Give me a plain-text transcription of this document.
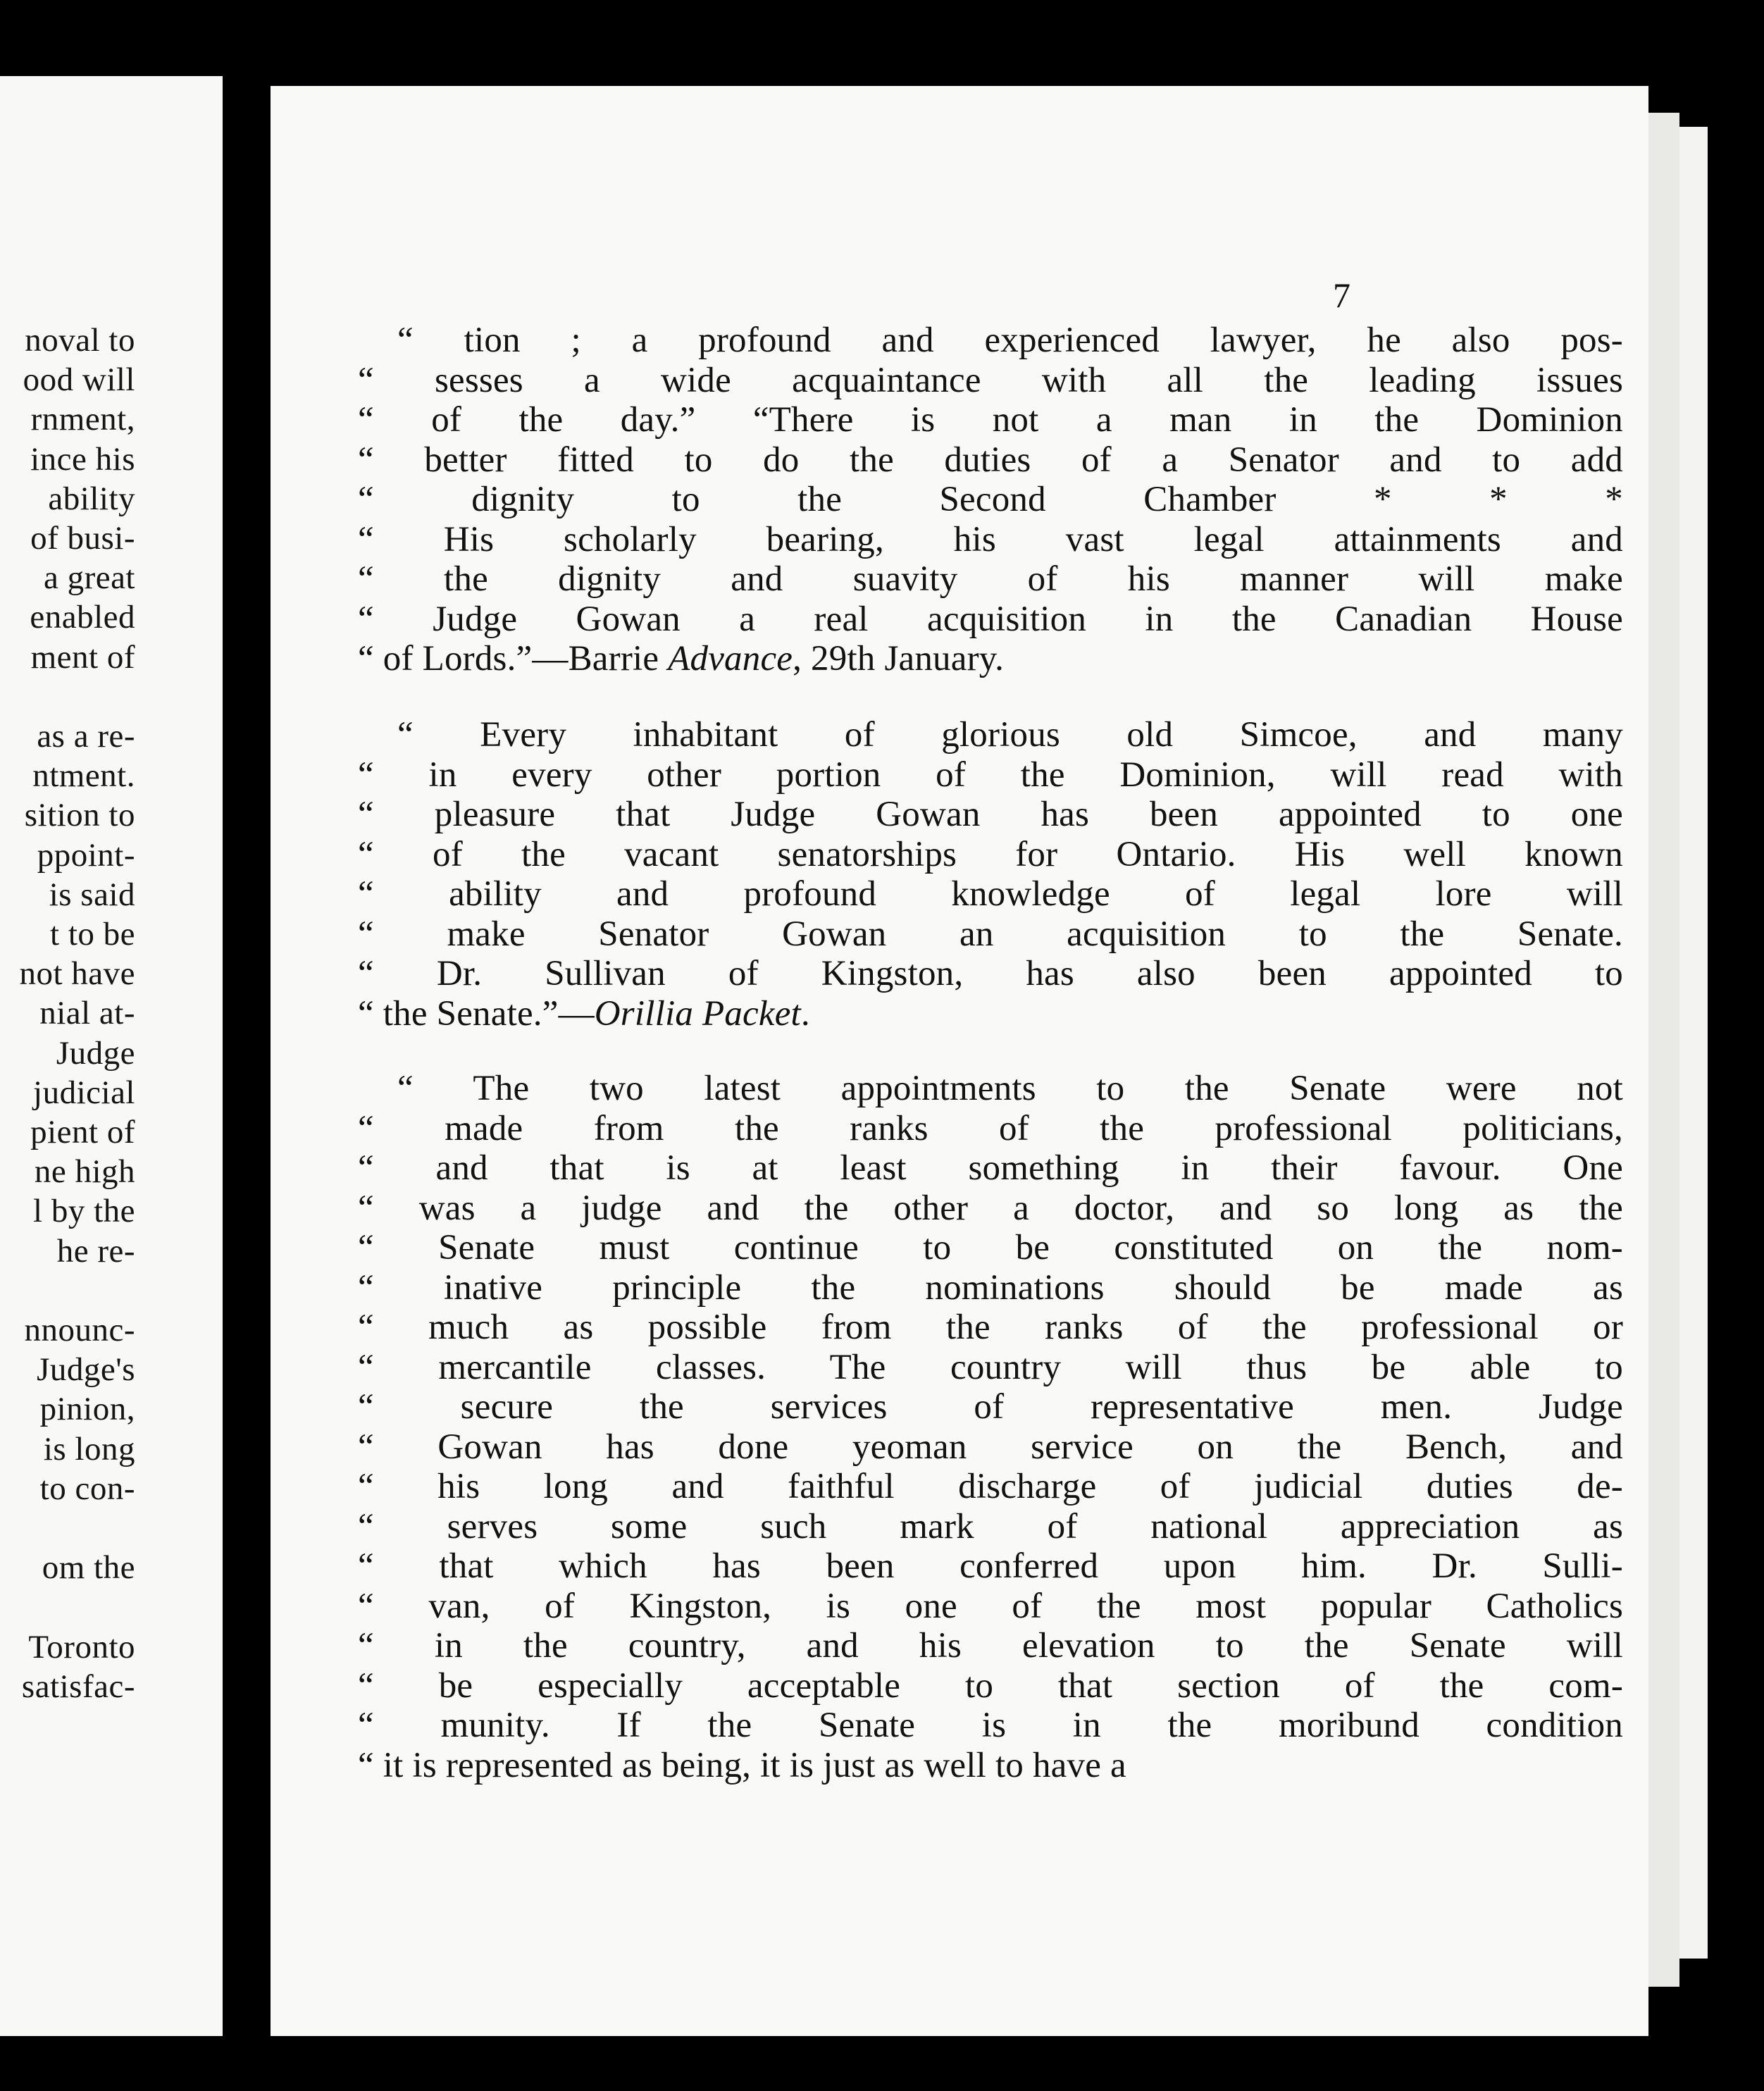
noval to
ood will
rnment,
ince his
ability
of busi-
a great
enabled
ment of
as a re-
ntment.
sition to
ppoint-
is said
t to be
not have
nial at-
Judge
judicial
pient of
ne high
l by the
he re-
nnounc-
Judge's
pinion,
is long
to con-
om the
Toronto
satisfac-
7
“ tion ; a profound and experienced lawyer, he also pos-
“ sesses a wide acquaintance with all the leading issues
“ of the day.” “There is not a man in the Dominion
“ better fitted to do the duties of a Senator and to add
“ dignity to the Second Chamber * * *
“ His scholarly bearing, his vast legal attainments and
“ the dignity and suavity of his manner will make
“ Judge Gowan a real acquisition in the Canadian House
“ of Lords.”—Barrie Advance, 29th January.
“ Every inhabitant of glorious old Simcoe, and many
“ in every other portion of the Dominion, will read with
“ pleasure that Judge Gowan has been appointed to one
“ of the vacant senatorships for Ontario. His well known
“ ability and profound knowledge of legal lore will
“ make Senator Gowan an acquisition to the Senate.
“ Dr. Sullivan of Kingston, has also been appointed to
“ the Senate.”—Orillia Packet.
“ The two latest appointments to the Senate were not
“ made from the ranks of the professional politicians,
“ and that is at least something in their favour. One
“ was a judge and the other a doctor, and so long as the
“ Senate must continue to be constituted on the nom-
“ inative principle the nominations should be made as
“ much as possible from the ranks of the professional or
“ mercantile classes. The country will thus be able to
“ secure the services of representative men. Judge
“ Gowan has done yeoman service on the Bench, and
“ his long and faithful discharge of judicial duties de-
“ serves some such mark of national appreciation as
“ that which has been conferred upon him. Dr. Sulli-
“ van, of Kingston, is one of the most popular Catholics
“ in the country, and his elevation to the Senate will
“ be especially acceptable to that section of the com-
“ munity. If the Senate is in the moribund condition
“ it is represented as being, it is just as well to have a
